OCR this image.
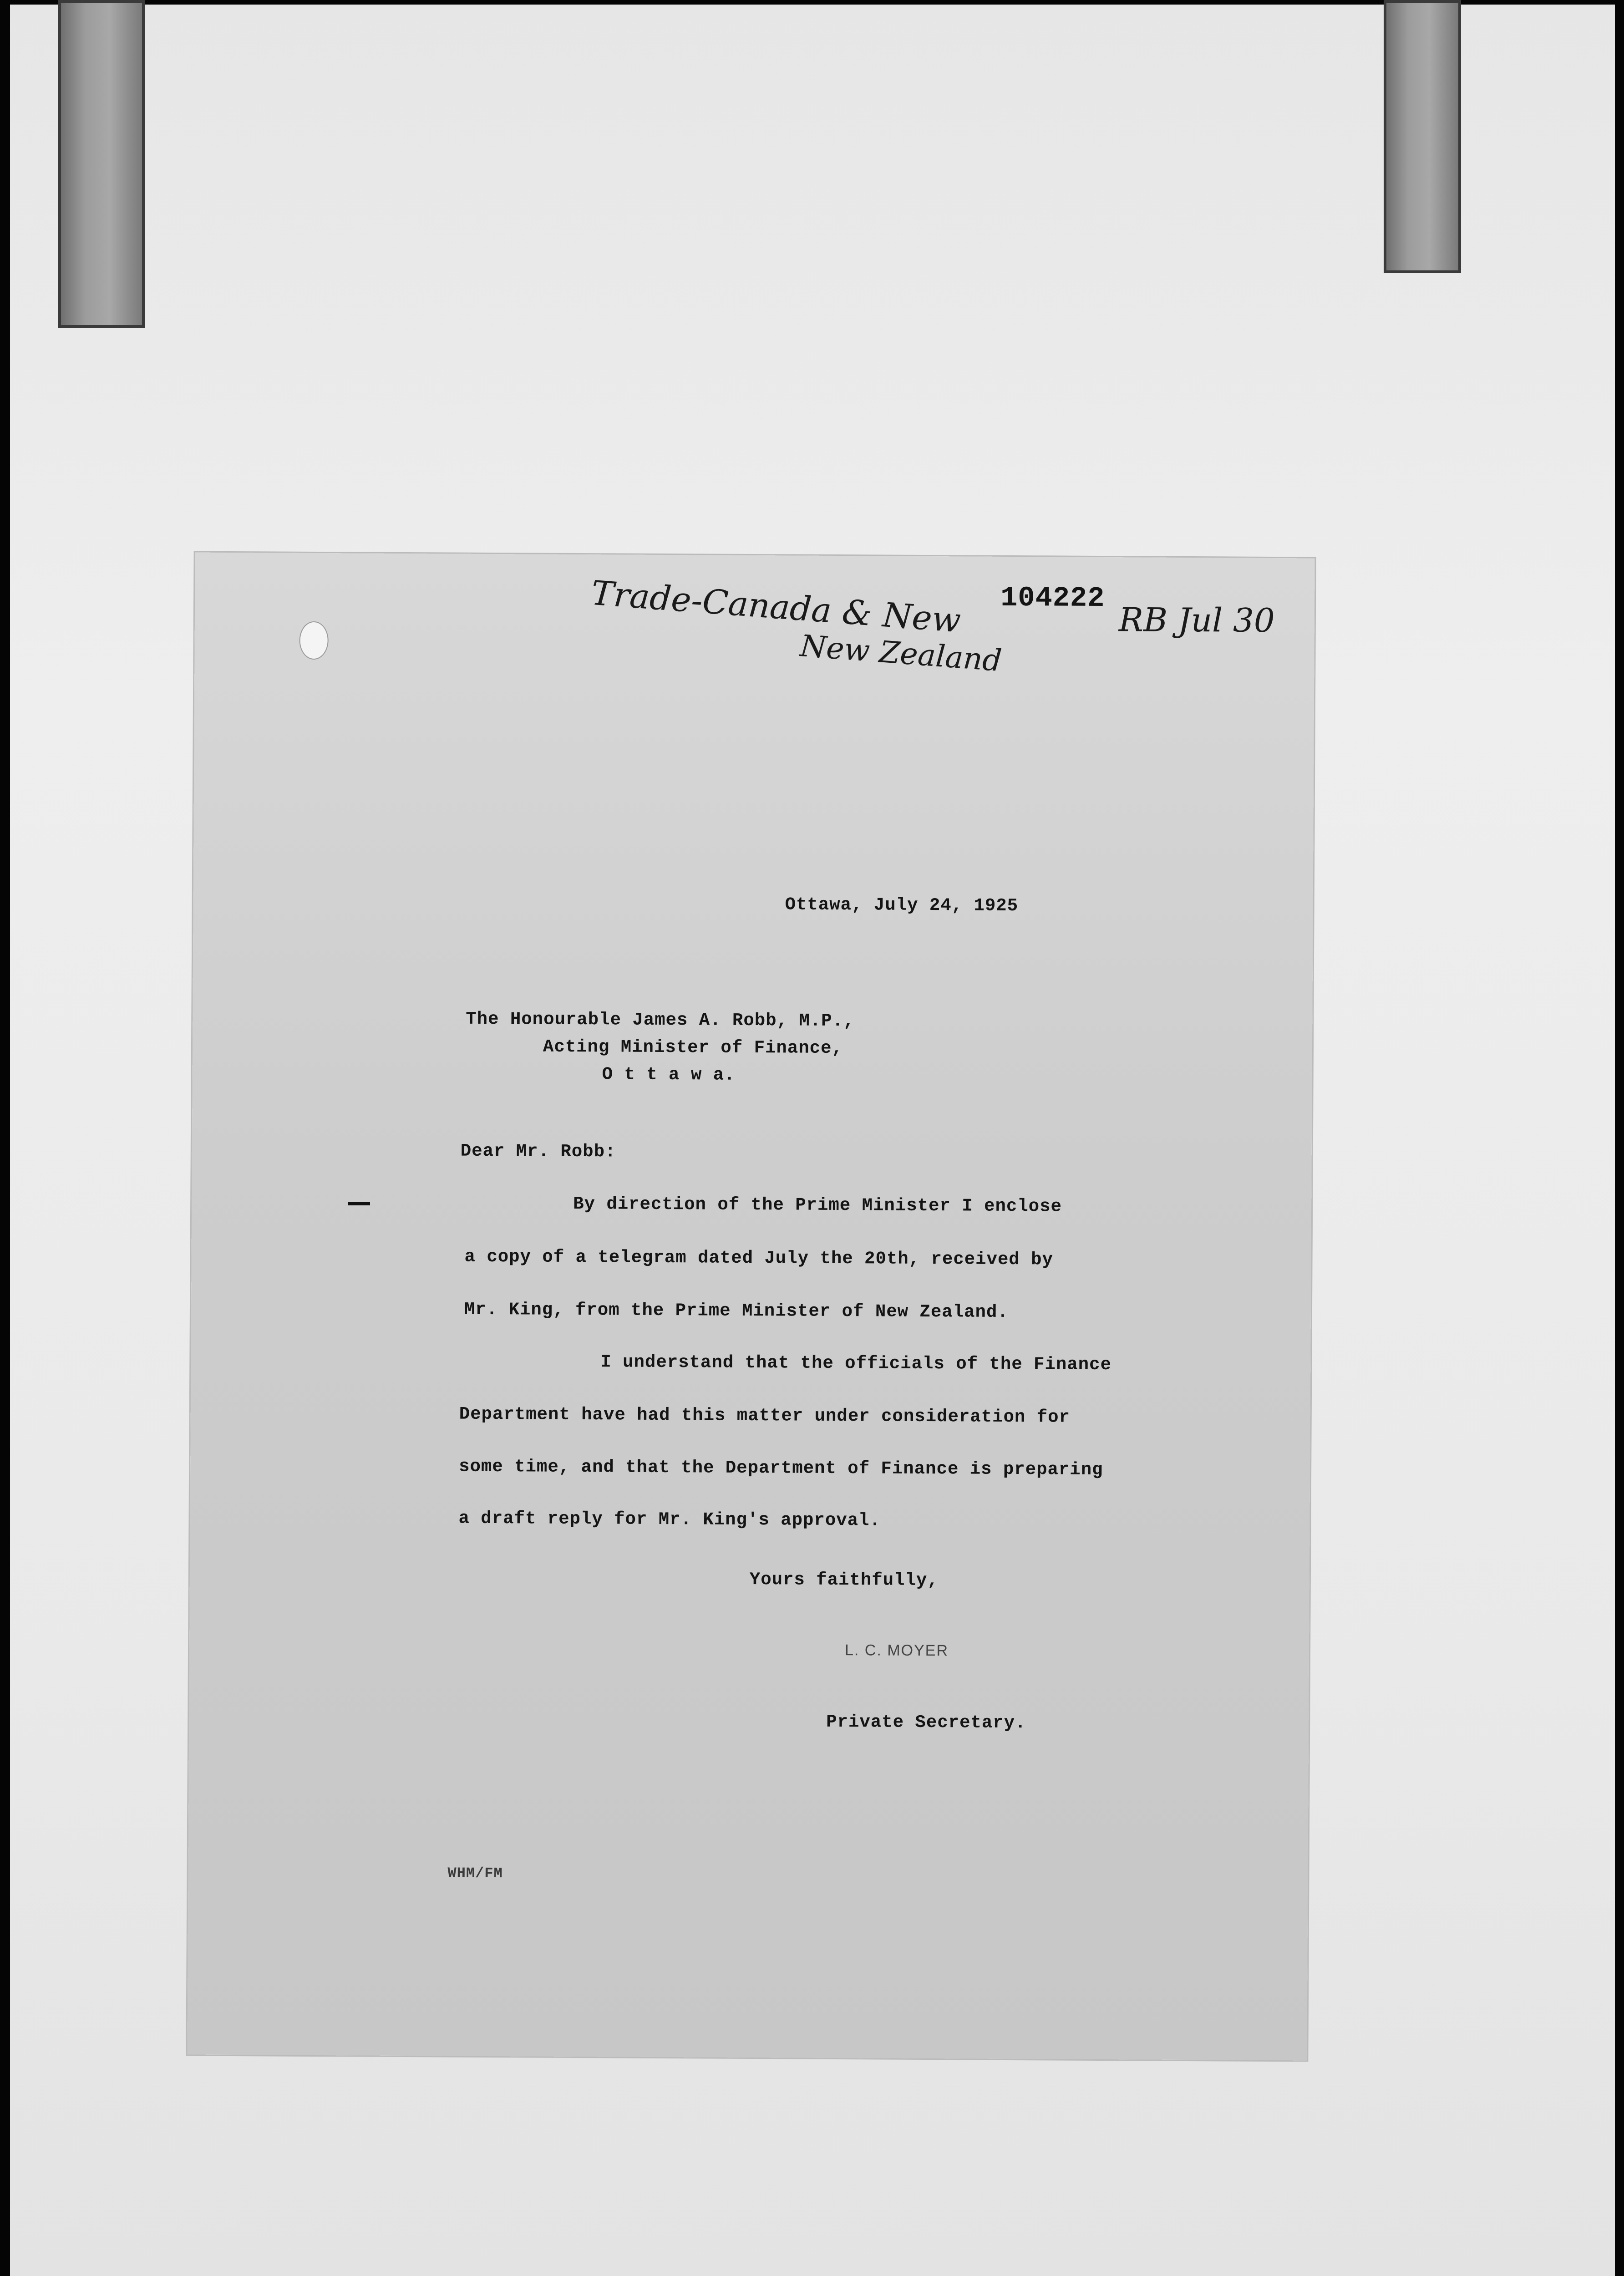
104222
Trade-Canada & New
New Zealand
RB Jul 30
Ottawa, July 24, 1925
The Honourable James A. Robb, M.P.,
Acting Minister of Finance,
O t t a w a.
Dear Mr. Robb:
By direction of the Prime Minister I enclose
a copy of a telegram dated July the 20th, received by
Mr. King, from the Prime Minister of New Zealand.
I understand that the officials of the Finance
Department have had this matter under consideration for
some time, and that the Department of Finance is preparing
a draft reply for Mr. King's approval.
Yours faithfully,
L. C. MOYER
Private Secretary.
WHM/FM
